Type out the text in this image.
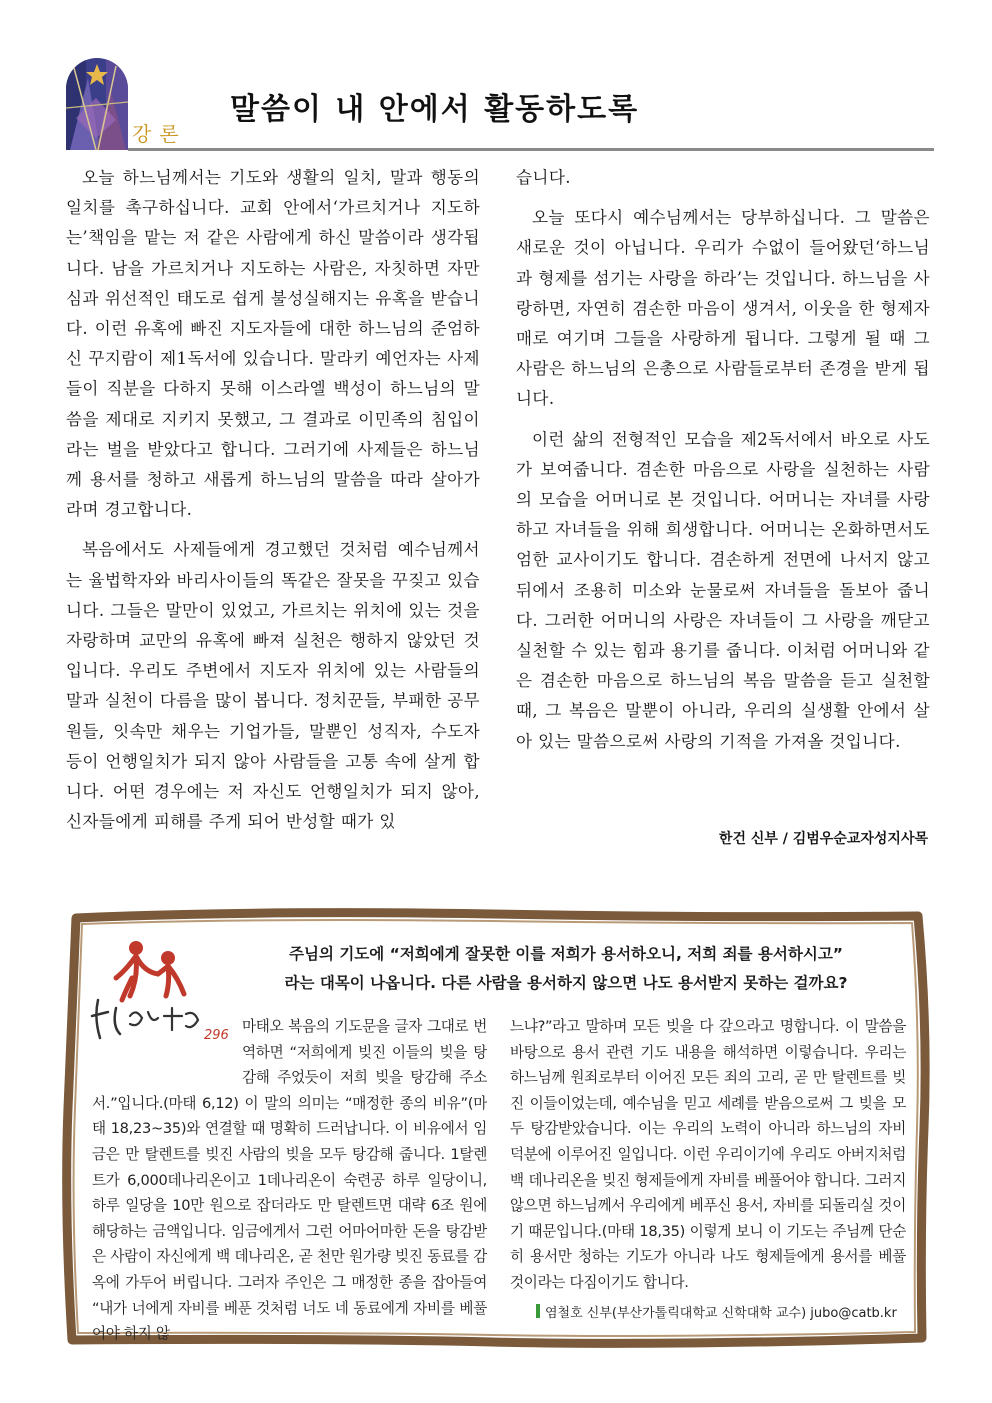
강론
말씀이 내 안에서 활동하도록

오늘 하느님께서는 기도와 생활의 일치, 말과 행동의 일치를 촉구하십니다. 교회 안에서‘가르치거나 지도하는’책임을 맡는 저 같은 사람에게 하신 말씀이라 생각됩니다. 남을 가르치거나 지도하는 사람은, 자칫하면 자만심과 위선적인 태도로 쉽게 불성실해지는 유혹을 받습니다. 이런 유혹에 빠진 지도자들에 대한 하느님의 준엄하신 꾸지람이 제1독서에 있습니다. 말라키 예언자는 사제들이 직분을 다하지 못해 이스라엘 백성이 하느님의 말씀을 제대로 지키지 못했고, 그 결과로 이민족의 침입이라는 벌을 받았다고 합니다. 그러기에 사제들은 하느님께 용서를 청하고 새롭게 하느님의 말씀을 따라 살아가라며 경고합니다.

복음에서도 사제들에게 경고했던 것처럼 예수님께서는 율법학자와 바리사이들의 똑같은 잘못을 꾸짖고 있습니다. 그들은 말만이 있었고, 가르치는 위치에 있는 것을 자랑하며 교만의 유혹에 빠져 실천은 행하지 않았던 것입니다. 우리도 주변에서 지도자 위치에 있는 사람들의 말과 실천이 다름을 많이 봅니다. 정치꾼들, 부패한 공무원들, 잇속만 채우는 기업가들, 말뿐인 성직자, 수도자 등이 언행일치가 되지 않아 사람들을 고통 속에 살게 합니다. 어떤 경우에는 저 자신도 언행일치가 되지 않아, 신자들에게 피해를 주게 되어 반성할 때가 있

습니다.

오늘 또다시 예수님께서는 당부하십니다. 그 말씀은 새로운 것이 아닙니다. 우리가 수없이 들어왔던‘하느님과 형제를 섬기는 사랑을 하라’는 것입니다. 하느님을 사랑하면, 자연히 겸손한 마음이 생겨서, 이웃을 한 형제자매로 여기며 그들을 사랑하게 됩니다. 그렇게 될 때 그 사람은 하느님의 은총으로 사람들로부터 존경을 받게 됩니다.

이런 삶의 전형적인 모습을 제2독서에서 바오로 사도가 보여줍니다. 겸손한 마음으로 사랑을 실천하는 사람의 모습을 어머니로 본 것입니다. 어머니는 자녀를 사랑하고 자녀들을 위해 희생합니다. 어머니는 온화하면서도 엄한 교사이기도 합니다. 겸손하게 전면에 나서지 않고 뒤에서 조용히 미소와 눈물로써 자녀들을 돌보아 줍니다. 그러한 어머니의 사랑은 자녀들이 그 사랑을 깨닫고 실천할 수 있는 힘과 용기를 줍니다. 이처럼 어머니와 같은 겸손한 마음으로 하느님의 복음 말씀을 듣고 실천할 때, 그 복음은 말뿐이 아니라, 우리의 실생활 안에서 살아 있는 말씀으로써 사랑의 기적을 가져올 것입니다.

한건 신부 / 김범우순교자성지사목
296
주님의 기도에 “저희에게 잘못한 이를 저희가 용서하오니, 저희 죄를 용서하시고”
라는 대목이 나옵니다. 다른 사람을 용서하지 않으면 나도 용서받지 못하는 걸까요?

마태오 복음의 기도문을 글자 그대로 번역하면 “저희에게 빚진 이들의 빚을 탕감해 주었듯이 저희 빚을 탕감해 주소서.”입니다.(마태 6,12) 이 말의 의미는 “매정한 종의 비유”(마태 18,23~35)와 연결할 때 명확히 드러납니다. 이 비유에서 임금은 만 탈렌트를 빚진 사람의 빚을 모두 탕감해 줍니다. 1탈렌트가 6,000데나리온이고 1데나리온이 숙련공 하루 일당이니, 하루 일당을 10만 원으로 잡더라도 만 탈렌트면 대략 6조 원에 해당하는 금액입니다. 임금에게서 그런 어마어마한 돈을 탕감받은 사람이 자신에게 백 데나리온, 곧 천만 원가량 빚진 동료를 감옥에 가두어 버립니다. 그러자 주인은 그 매정한 종을 잡아들여 “내가 너에게 자비를 베푼 것처럼 너도 네 동료에게 자비를 베풀어야 하지 않

느냐?”라고 말하며 모든 빚을 다 갚으라고 명합니다. 이 말씀을 바탕으로 용서 관련 기도 내용을 해석하면 이렇습니다. 우리는 하느님께 원죄로부터 이어진 모든 죄의 고리, 곧 만 탈렌트를 빚진 이들이었는데, 예수님을 믿고 세례를 받음으로써 그 빚을 모두 탕감받았습니다. 이는 우리의 노력이 아니라 하느님의 자비 덕분에 이루어진 일입니다. 이런 우리이기에 우리도 아버지처럼 백 데나리온을 빚진 형제들에게 자비를 베풀어야 합니다. 그러지 않으면 하느님께서 우리에게 베푸신 용서, 자비를 되돌리실 것이기 때문입니다.(마태 18,35) 이렇게 보니 이 기도는 주님께 단순히 용서만 청하는 기도가 아니라 나도 형제들에게 용서를 베풀 것이라는 다짐이기도 합니다.

염철호 신부(부산가톨릭대학교 신학대학 교수) jubo@catb.kr
